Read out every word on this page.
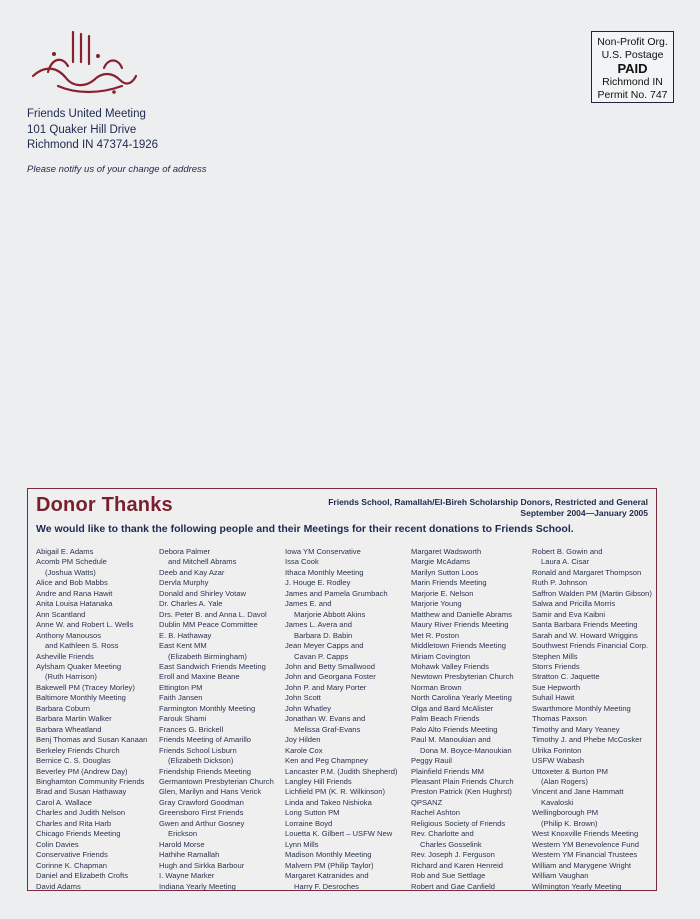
Friends United Meeting
101 Quaker Hill Drive
Richmond IN 47374-1926
Please notify us of your change of address
Non-Profit Org.
U.S. Postage
PAID
Richmond IN
Permit No. 747
Donor Thanks	Friends School, Ramallah/El-Bireh Scholarship Donors, Restricted and General
September 2004—January 2005
We would like to thank the following people and their Meetings for their recent donations to Friends School.
Abigail E. Adams
Acomb PM Schedule
(Joshua Watts)
Alice and Bob Mabbs
Andre and Rana Hawit
Anita Louisa Hatanaka
Ann Scantland
Anne W. and Robert L. Wells
Anthony Manousos
and Kathleen S. Ross
Asheville Friends
Aylsham Quaker Meeting
(Ruth Harrison)
Bakewell PM (Tracey Morley)
Baltimore Monthly Meeting
Barbara Coburn
Barbara Martin Walker
Barbara Wheatland
Benj Thomas and Susan Kanaan
Berkeley Friends Church
Bernice C. S. Douglas
Beverley PM (Andrew Day)
Binghamton Community Friends
Brad and Susan Hathaway
Carol A. Wallace
Charles and Judith Nelson
Charles and Rita Harb
Chicago Friends Meeting
Colin Davies
Conservative Friends
Corinne K. Chapman
Daniel and Elizabeth Crofts
David Adams
Debora Palmer
and Mitchell Abrams
Deeb and Kay Azar
Dervla Murphy
Donald and Shirley Votaw
Dr. Charles A. Yale
Drs. Peter B. and Anna L. Davol
Dublin MM Peace Committee
E. B. Hathaway
East Kent MM
(Elizabeth Birmingham)
East Sandwich Friends Meeting
Eroll and Maxine Beane
Ettington PM
Faith Jansen
Farmington Monthly Meeting
Farouk Shami
Frances G. Brickell
Friends Meeting of Amarillo
Friends School Lisburn
(Elizabeth Dickson)
Friendship Friends Meeting
Germantown Presbyterian Church
Glen, Marilyn and Hans Verick
Gray Crawford Goodman
Greensboro First Friends
Gwen and Arthur Gosney
Erickson
Harold Morse
Hathihe Ramallah
Hugh and Sirkka Barbour
I. Wayne Marker
Indiana Yearly Meeting
Iowa YM Conservative
Issa Cook
Ithaca Monthly Meeting
J. Houge E. Rodley
James and Pamela Grumbach
James E. and
Marjorie Abbott Akins
James L. Avera and
Barbara D. Babin
Jean Meyer Capps and
Cavan P. Capps
John and Betty Smallwood
John and Georgana Foster
John P. and Mary Porter
John Scott
John Whatley
Jonathan W. Evans and
Melissa Graf-Evans
Joy Hilden
Karole Cox
Ken and Peg Champney
Lancaster P.M. (Judith Shepherd)
Langley Hill Friends
Lichfield PM (K. R. Wilkinson)
Linda and Takeo Nishioka
Long Sutton PM
Lorraine Boyd
Louetta K. Gilbert – USFW New
Lynn Mills
Madison Monthly Meeting
Malvern PM (Philip Taylor)
Margaret Katranides and
Harry F. Desroches
Margaret Wadsworth
Margie McAdams
Marilyn Sutton Loos
Marin Friends Meeting
Marjorie E. Nelson
Marjorie Young
Matthew and Danielle Abrams
Maury River Friends Meeting
Met R. Poston
Middletown Friends Meeting
Miriam Covington
Mohawk Valley Friends
Newtown Presbyterian Church
Norman Brown
North Carolina Yearly Meeting
Olga and Bard McAlister
Palm Beach Friends
Palo Alto Friends Meeting
Paul M. Manoukian and
Dona M. Boyce-Manoukian
Peggy Rauil
Plainfield Friends MM
Pleasant Plain Friends Church
Preston Patrick (Ken Hughrst)
QPSANZ
Rachel Ashton
Religious Society of Friends
Rev. Charlotte and
Charles Gosselink
Rev. Joseph J. Ferguson
Richard and Karen Henreid
Rob and Sue Settlage
Robert and Gae Canfield
Robert B. Gowin and
Laura A. Cisar
Ronald and Margaret Thompson
Ruth P. Johnson
Saffron Walden PM (Martin Gibson)
Salwa and Pricilla Morris
Samir and Eva Kaibni
Santa Barbara Friends Meeting
Sarah and W. Howard Wriggins
Southwest Friends Financial Corp.
Stephen Mills
Storrs Friends
Stratton C. Jaquette
Sue Hepworth
Suhail Hawit
Swarthmore Monthly Meeting
Thomas Paxson
Timothy and Mary Yeaney
Timothy J. and Phebe McCosker
Ulrika Forinton
USFW Wabash
Uttoxeter & Burton PM
(Alan Rogers)
Vincent and Jane Hammatt
Kavaloski
Wellingborough PM
(Philip K. Brown)
West Knoxville Friends Meeting
Western YM Benevolence Fund
Western YM Financial Trustees
William and Marygene Wright
William Vaughan
Wilmington Yearly Meeting
